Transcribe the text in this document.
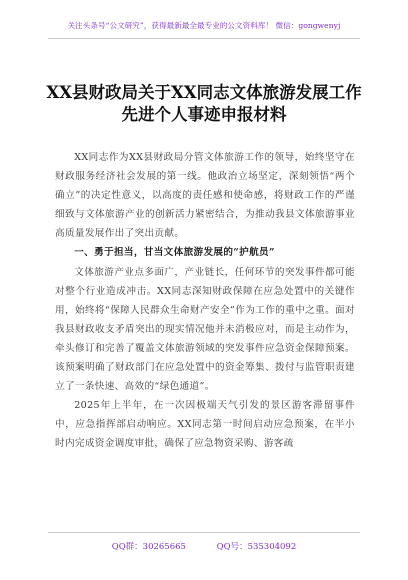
关注头条号“公文研究”，获得最新最全最专业的公文资料库！ 微信：gongwenyj
XX县财政局关于XX同志文体旅游发展工作先进个人事迹申报材料

XX同志作为XX县财政局分管文体旅游工作的领导，始终坚守在财政服务经济社会发展的第一线。他政治立场坚定，深刻领悟“两个确立”的决定性意义，以高度的责任感和使命感，将财政工作的严谨细致与文体旅游产业的创新活力紧密结合，为推动我县文体旅游事业高质量发展作出了突出贡献。

一、勇于担当，甘当文体旅游发展的“护航员”

文体旅游产业点多面广，产业链长，任何环节的突发事件都可能对整个行业造成冲击。XX同志深知财政保障在应急处置中的关键作用，始终将“保障人民群众生命财产安全”作为工作的重中之重。面对我县财政收支矛盾突出的现实情况他并未消极应对，而是主动作为，牵头修订和完善了覆盖文体旅游领域的突发事件应急资金保障预案。该预案明确了财政部门在应急处置中的资金筹集、拨付与监管职责建立了一条快速、高效的“绿色通道”。

2025年上半年，在一次因极端天气引发的景区游客滞留事件中，应急指挥部启动响应。XX同志第一时间启动应急预案，在半小时内完成资金调度审批，确保了应急物资采购、游客疏

QQ群：30265665	QQ号：535304092
